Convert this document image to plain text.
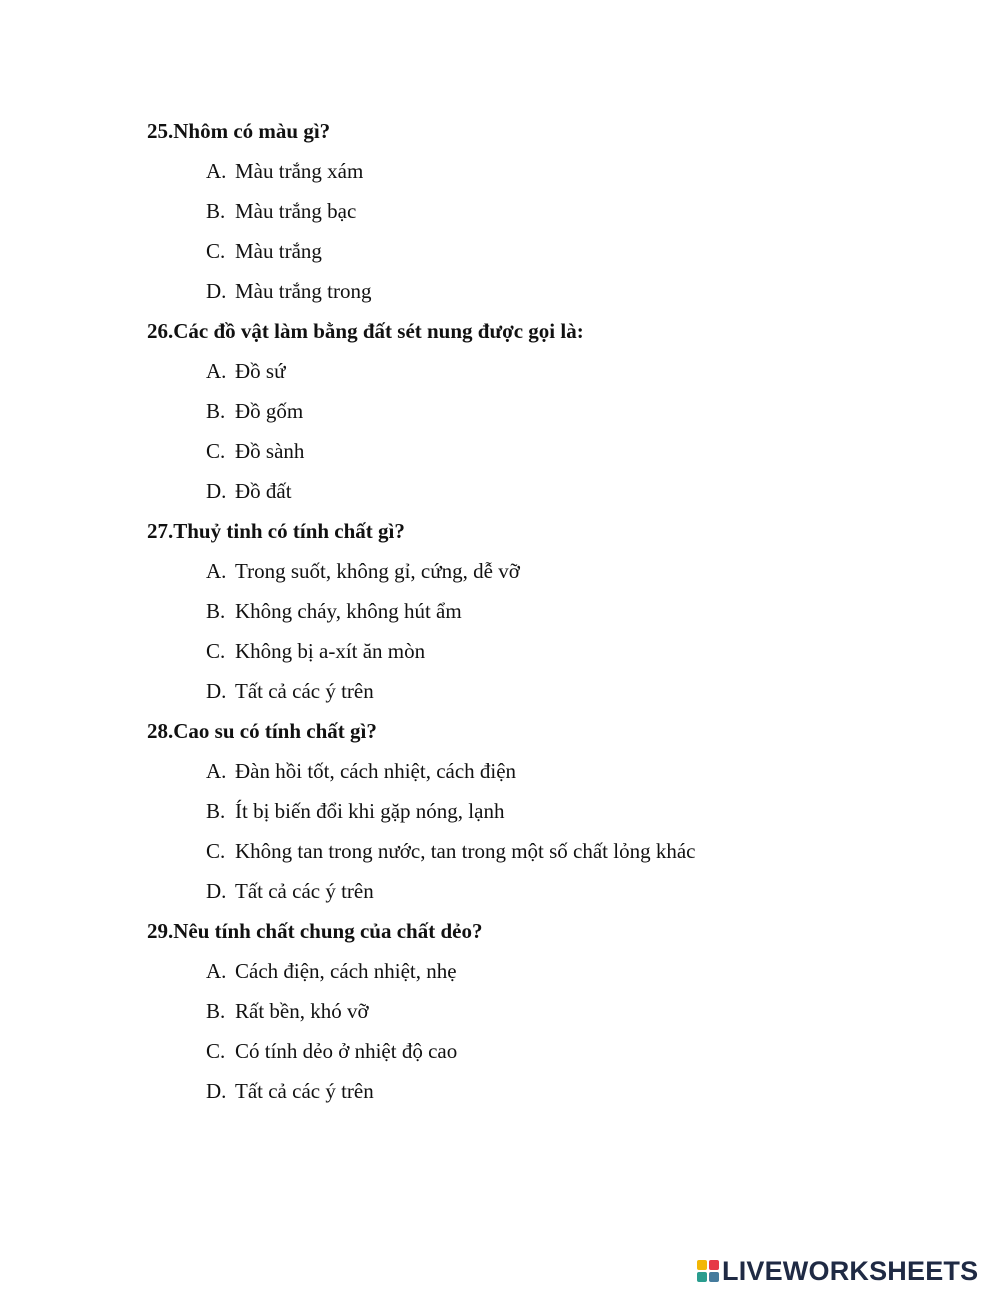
25.Nhôm có màu gì?
A. Màu trắng xám
B. Màu trắng bạc
C. Màu trắng
D. Màu trắng trong
26.Các đồ vật làm bằng đất sét nung được gọi là:
A. Đồ sứ
B. Đồ gốm
C. Đồ sành
D. Đồ đất
27.Thuỷ tinh có tính chất gì?
A. Trong suốt, không gỉ, cứng, dễ vỡ
B. Không cháy, không hút ẩm
C. Không bị a-xít ăn mòn
D. Tất cả các ý trên
28.Cao su có tính chất gì?
A. Đàn hồi tốt, cách nhiệt, cách điện
B. Ít bị biến đổi khi gặp nóng, lạnh
C. Không tan trong nước, tan trong một số chất lỏng khác
D. Tất cả các ý trên
29.Nêu tính chất chung của chất dẻo?
A. Cách điện, cách nhiệt, nhẹ
B. Rất bền, khó vỡ
C. Có tính dẻo ở nhiệt độ cao
D. Tất cả các ý trên
LIVEWORKSHEETS
